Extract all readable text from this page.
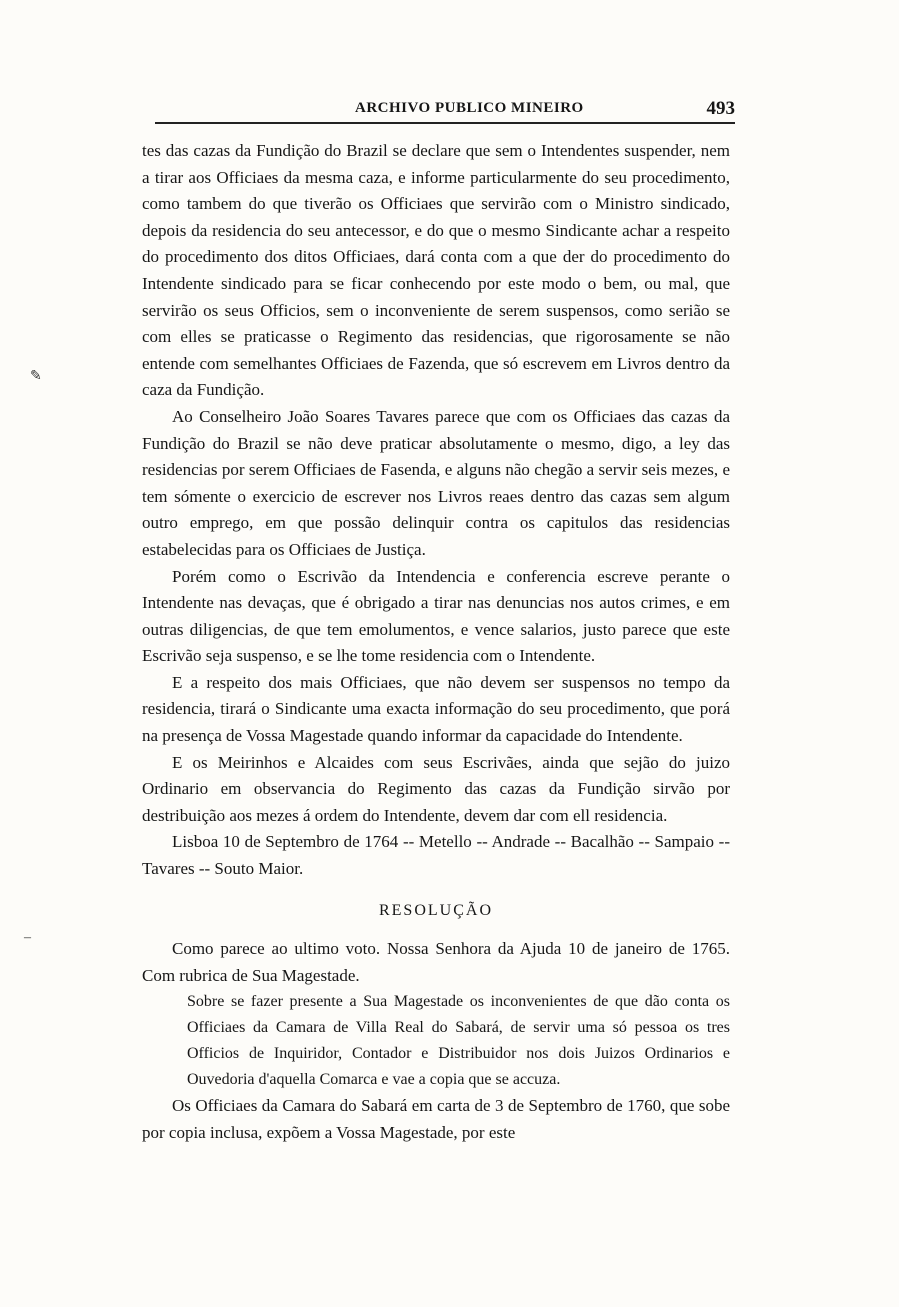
ARCHIVO PUBLICO MINEIRO	493
✎
–

tes das cazas da Fundição do Brazil se declare que sem o Intendentes suspender, nem a tirar aos Officiaes da mesma caza, e informe particularmente do seu procedimento, como tambem do que tiverão os Officiaes que servirão com o Ministro sindicado, depois da residencia do seu antecessor, e do que o mesmo Sindicante achar a respeito do procedimento dos ditos Officiaes, dará conta com a que der do procedimento do Intendente sindicado para se ficar conhecendo por este modo o bem, ou mal, que servirão os seus Officios, sem o inconveniente de serem suspensos, como serião se com elles se praticasse o Regimento das residencias, que rigorosamente se não entende com semelhantes Officiaes de Fazenda, que só escrevem em Livros dentro da caza da Fundição.

Ao Conselheiro João Soares Tavares parece que com os Officiaes das cazas da Fundição do Brazil se não deve praticar absolutamente o mesmo, digo, a ley das residencias por serem Officiaes de Fasenda, e alguns não chegão a servir seis mezes, e tem sómente o exercicio de escrever nos Livros reaes dentro das cazas sem algum outro emprego, em que possão delinquir contra os capitulos das residencias estabelecidas para os Officiaes de Justiça.

Porém como o Escrivão da Intendencia e conferencia escreve perante o Intendente nas devaças, que é obrigado a tirar nas denuncias nos autos crimes, e em outras diligencias, de que tem emolumentos, e vence salarios, justo parece que este Escrivão seja suspenso, e se lhe tome residencia com o Intendente.

E a respeito dos mais Officiaes, que não devem ser suspensos no tempo da residencia, tirará o Sindicante uma exacta informação do seu procedimento, que porá na presença de Vossa Magestade quando informar da capacidade do Intendente.

E os Meirinhos e Alcaides com seus Escrivães, ainda que sejão do juizo Ordinario em observancia do Regimento das cazas da Fundição sirvão por destribuição aos mezes á ordem do Intendente, devem dar com ell residencia.

Lisboa 10 de Septembro de 1764 -- Metello -- Andrade -- Bacalhão -- Sampaio -- Tavares -- Souto Maior.

RESOLUÇÃO

Como parece ao ultimo voto. Nossa Senhora da Ajuda 10 de janeiro de 1765. Com rubrica de Sua Magestade.

Sobre se fazer presente a Sua Magestade os inconvenientes de que dão conta os Officiaes da Camara de Villa Real do Sabará, de servir uma só pessoa os tres Officios de Inquiridor, Contador e Distribuidor nos dois Juizos Ordinarios e Ouvedoria d'aquella Comarca e vae a copia que se accuza.

Os Officiaes da Camara do Sabará em carta de 3 de Septembro de 1760, que sobe por copia inclusa, expõem a Vossa Magestade, por este
